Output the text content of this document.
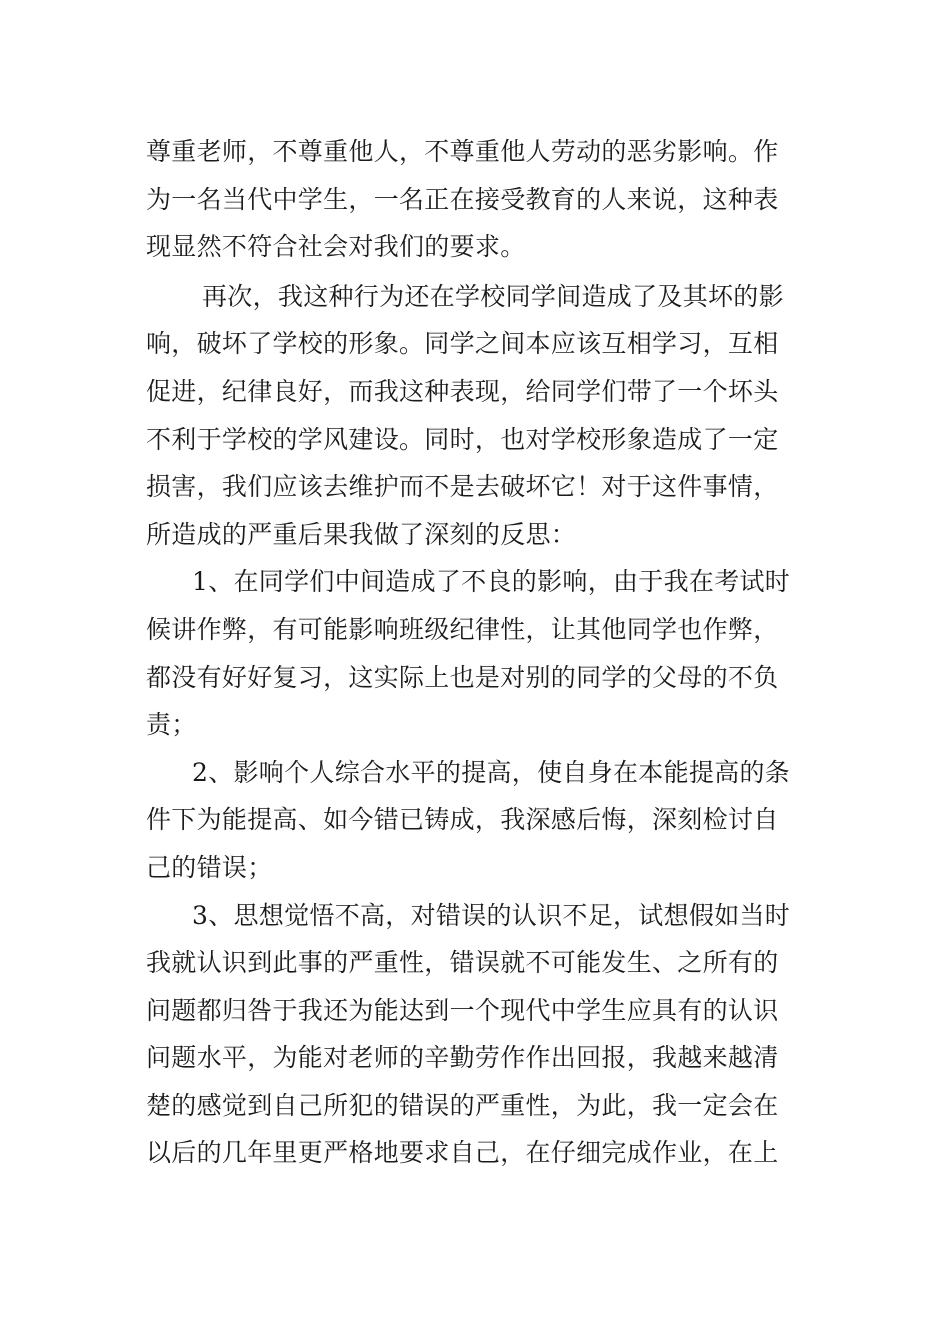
尊重老师，不尊重他人，不尊重他人劳动的恶劣影响。作
为一名当代中学生，一名正在接受教育的人来说，这种表
现显然不符合社会对我们的要求。
再次，我这种行为还在学校同学间造成了及其坏的影
响，破坏了学校的形象。同学之间本应该互相学习，互相
促进，纪律良好，而我这种表现，给同学们带了一个坏头
不利于学校的学风建设。同时，也对学校形象造成了一定
损害，我们应该去维护而不是去破坏它！对于这件事情，
所造成的严重后果我做了深刻的反思：
1、在同学们中间造成了不良的影响，由于我在考试时
候讲作弊，有可能影响班级纪律性，让其他同学也作弊，
都没有好好复习，这实际上也是对别的同学的父母的不负
责；
2、影响个人综合水平的提高，使自身在本能提高的条
件下为能提高、如今错已铸成，我深感后悔，深刻检讨自
己的错误；
3、思想觉悟不高，对错误的认识不足，试想假如当时
我就认识到此事的严重性，错误就不可能发生、之所有的
问题都归咎于我还为能达到一个现代中学生应具有的认识
问题水平，为能对老师的辛勤劳作作出回报，我越来越清
楚的感觉到自己所犯的错误的严重性，为此，我一定会在
以后的几年里更严格地要求自己，在仔细完成作业，在上
